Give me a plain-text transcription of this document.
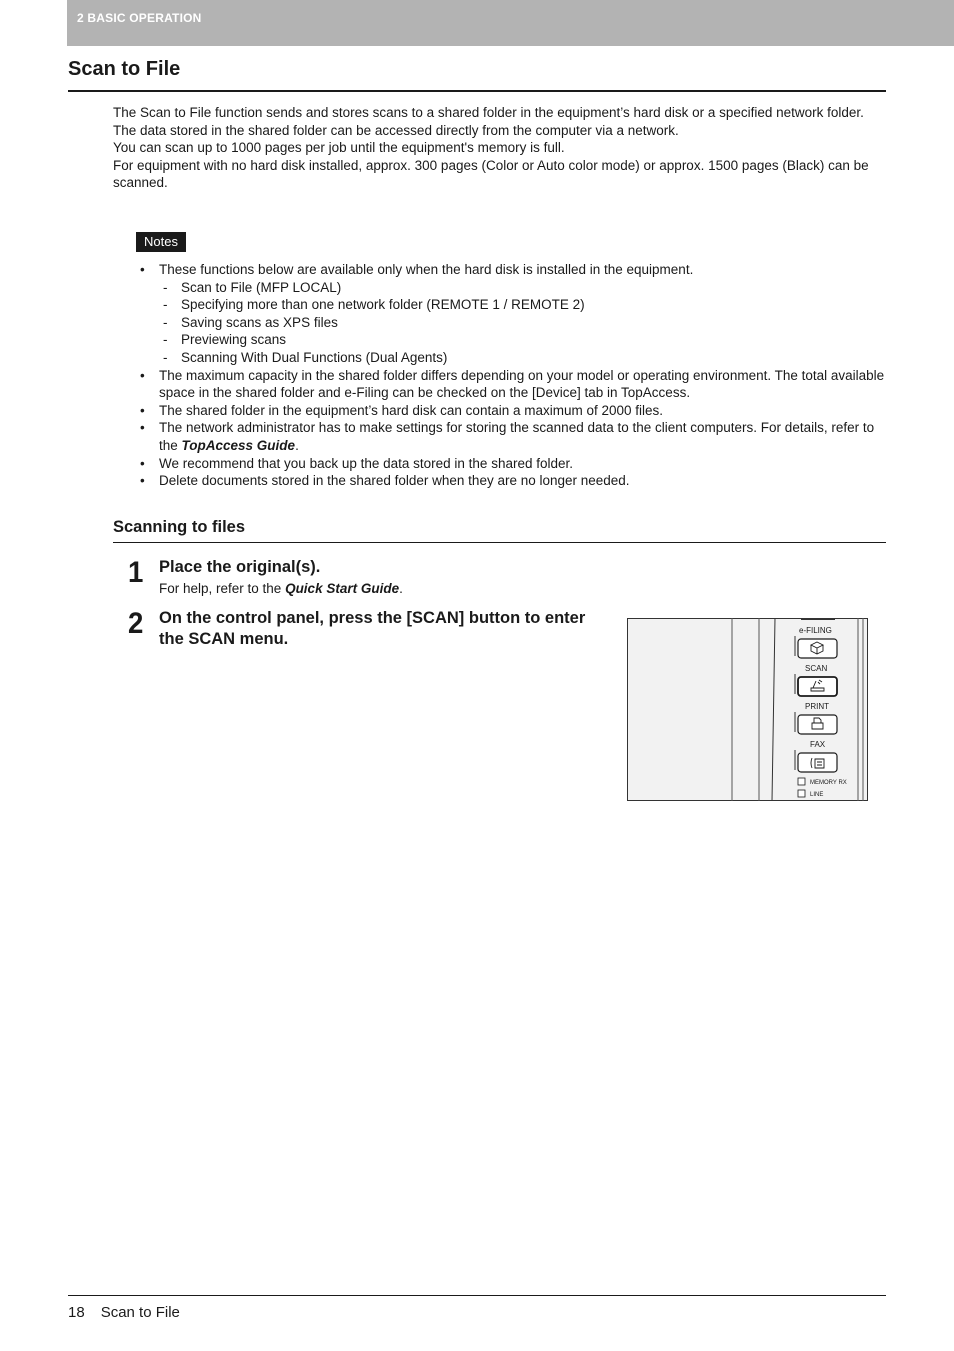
2 BASIC OPERATION
Scan to File

The Scan to File function sends and stores scans to a shared folder in the equipment’s hard disk or a specified network folder. The data stored in the shared folder can be accessed directly from the computer via a network.

You can scan up to 1000 pages per job until the equipment's memory is full.

For equipment with no hard disk installed, approx. 300 pages (Color or Auto color mode) or approx. 1500 pages (Black) can be scanned.

Notes
• These functions below are available only when the hard disk is installed in the equipment.
- Scan to File (MFP LOCAL)
- Specifying more than one network folder (REMOTE 1 / REMOTE 2)
- Saving scans as XPS files
- Previewing scans
- Scanning With Dual Functions (Dual Agents)
• The maximum capacity in the shared folder differs depending on your model or operating environment. The total available space in the shared folder and e-Filing can be checked on the [Device] tab in TopAccess.
• The shared folder in the equipment’s hard disk can contain a maximum of 2000 files.
• The network administrator has to make settings for storing the scanned data to the client computers. For details, refer to the TopAccess Guide.
• We recommend that you back up the data stored in the shared folder.
• Delete documents stored in the shared folder when they are no longer needed.
Scanning to files
1 Place the original(s).
For help, refer to the Quick Start Guide.
2 On the control panel, press the [SCAN] button to enter the SCAN menu.	e-FILING
SCAN
PRINT
FAX
MEMORY RX
LINE
18 Scan to File
